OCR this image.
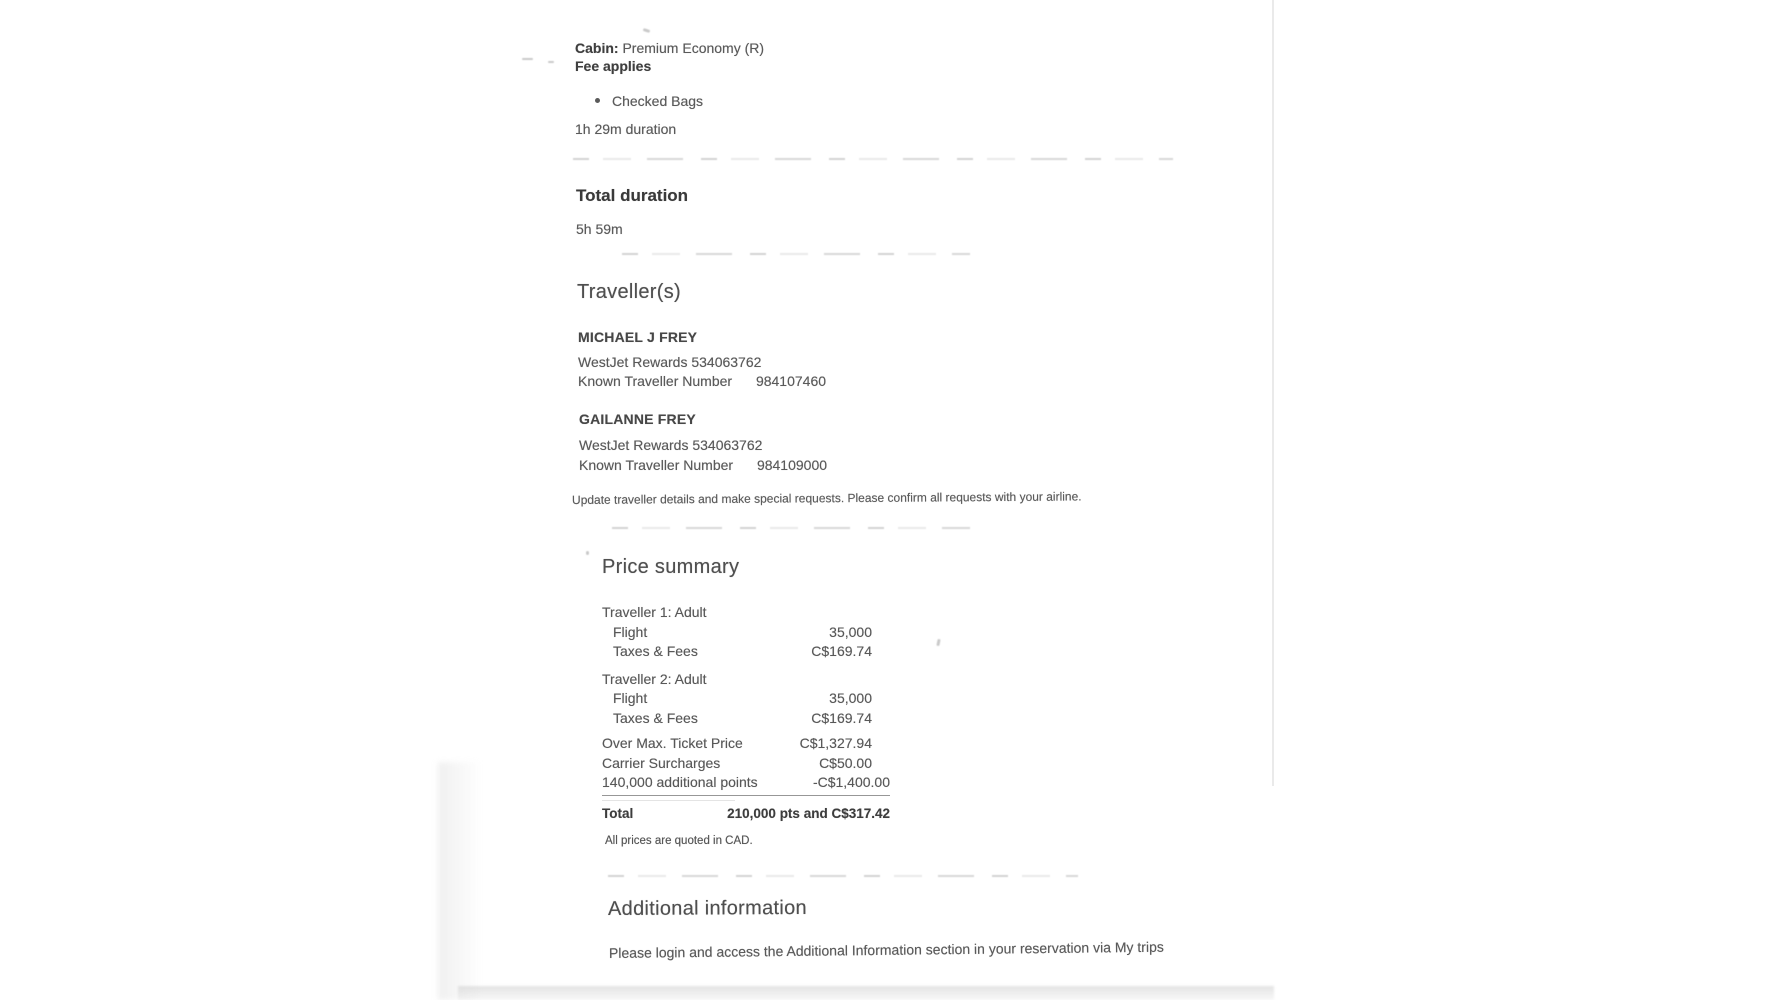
Cabin: Premium Economy (R)
Fee applies
Checked Bags
1h 29m duration
Total duration
5h 59m
Traveller(s)
MICHAEL J FREY
WestJet Rewards 534063762
Known Traveller Number 984107460
GAILANNE FREY
WestJet Rewards 534063762
Known Traveller Number 984109000
Update traveller details and make special requests. Please confirm all requests with your airline.
Price summary
Traveller 1: Adult
Flight	35,000
Taxes & Fees	C$169.74
Traveller 2: Adult
Flight	35,000
Taxes & Fees	C$169.74
Over Max. Ticket Price	C$1,327.94
Carrier Surcharges	C$50.00
140,000 additional points	-C$1,400.00
Total	210,000 pts and C$317.42
All prices are quoted in CAD.
Additional information
Please login and access the Additional Information section in your reservation via My trips
